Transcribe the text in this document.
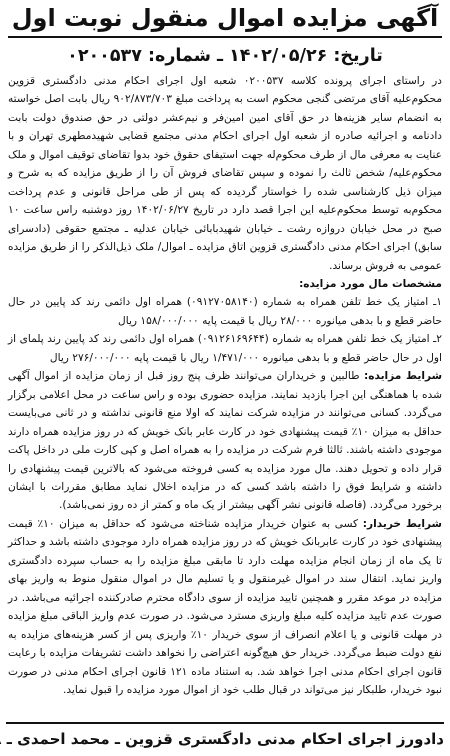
آگهی مزایده اموال منقول نوبت اول
تاریخ: ۱۴۰۲/۰۵/۲۶ ـ شماره: ۰۲۰۰۵۳۷

در راستای اجرای پرونده کلاسه ۰۲۰۰۵۳۷ شعبه اول اجرای احکام مدنی دادگستری قزوین محکوم‌علیه آقای مرتضی گنجی محکوم است به پرداخت مبلغ ۹۰۲/۸۷۳/۷۰۳ ریال بابت اصل خواسته به انضمام سایر هزینه‌ها در حق آقای امین امین‌فر و نیم‌عشر دولتی در حق صندوق دولت بابت دادنامه و اجرائیه صادره از شعبه اول اجرای احکام مدنی مجتمع قضایی شهیدمطهری تهران و با عنایت به معرفی مال از طرف محکوم‌له جهت استیفای حقوق خود بدوا تقاضای توقیف اموال و ملک محکوم‌علیه/ شخص ثالث را نموده و سپس تقاضای فروش آن را از طریق مزایده که به شرح و میزان ذیل کارشناسی شده را خواستار گردیده که پس از طی مراحل قانونی و عدم پرداخت محکوم‌به توسط محکوم‌علیه این اجرا قصد دارد در تاریخ ۱۴۰۲/۰۶/۲۷ روز دوشنبه راس ساعت ۱۰ صبح در محل خیابان دروازه رشت ـ خیابان شهیدبابائی خیابان عدلیه ـ مجتمع حقوقی (دادسرای سابق) اجرای احکام مدنی دادگستری قزوین اتاق مزایده ـ اموال/ ملک ذیل‌الذکر را از طریق مزایده عمومی به فروش برساند.

مشخصات مال مورد مزایده:

۱ـ امتیاز یک خط تلفن همراه به شماره (۰۹۱۲۷۰۵۸۱۴۰) همراه اول دائمی رند کد پایین در حال حاضر قطع و با بدهی میانوره ۲۸/۰۰۰ ریال با قیمت پایه ۱۵۸/۰۰۰/۰۰۰ ریال

۲ـ امتیاز یک خط تلفن همراه به شماره (۰۹۱۲۶۱۶۹۶۴۴) همراه اول دائمی رند کد پایین رند پلمای از اول در حال حاضر قطع و با بدهی میانوره ۱/۴۷۱/۰۰۰ ریال با قیمت پایه ۲۷۶/۰۰۰/۰۰۰ ریال

شرایط مزایده: طالبین و خریداران می‌توانند ظرف پنج روز قبل از زمان مزایده از اموال آگهی شده با هماهنگی این اجرا بازدید نمایند. مزایده حضوری بوده و راس ساعت در محل اعلامی برگزار می‌گردد. کسانی می‌توانند در مزایده شرکت نمایند که اولا منع قانونی نداشته و در ثانی می‌بایست حداقل به میزان ۱۰٪ قیمت پیشنهادی خود در کارت عابر بانک خویش که در روز مزایده همراه دارند موجودی داشته باشند. ثالثا فرم شرکت در مزایده را به همراه اصل و کپی کارت ملی در داخل پاکت قرار داده و تحویل دهند. مال مورد مزایده به کسی فروخته می‌شود که بالاترین قیمت پیشنهادی را داشته و شرایط فوق را داشته باشد کسی که در مزایده اخلال نماید مطابق مقررات با ایشان برخورد می‌گردد. (فاصله قانونی نشر آگهی بیشتر از یک ماه و کمتر از ده روز نمی‌باشد).

شرایط خریدار: کسی به عنوان خریدار مزایده شناخته می‌شود که حداقل به میزان ۱۰٪ قیمت پیشنهادی خود در کارت عابربانک خویش که در روز مزایده همراه دارد موجودی داشته باشد و حداکثر تا یک ماه از زمان انجام مزایده مهلت دارد تا مابقی مبلغ مزایده را به حساب سپرده دادگستری واریز نماید. انتقال سند در اموال غیرمنقول و یا تسلیم مال در اموال منقول منوط به واریز بهای مزایده در موعد مقرر و همچنین تایید مزایده از سوی دادگاه محترم صادرکننده اجرائیه می‌باشد. در صورت عدم تایید مزایده کلیه مبلغ واریزی مسترد می‌شود. در صورت عدم واریز الباقی مبلغ مزایده در مهلت قانونی و یا اعلام انصراف از سوی خریدار ۱۰٪ واریزی پس از کسر هزینه‌های مزایده به نفع دولت ضبط می‌گردد. خریدار حق هیچ‌گونه اعتراضی را نخواهد داشت تشریفات مزایده با رعایت قانون اجرای احکام مدنی اجرا خواهد شد. به استناد ماده ۱۲۱ قانون اجرای احکام مدنی در صورت نبود خریدار، طلبکار نیز می‌تواند در قبال طلب خود از اموال مورد مزایده را قبول نماید.

دادورز اجرای احکام مدنی دادگستری قزوین ـ محمد احمدی ـ
